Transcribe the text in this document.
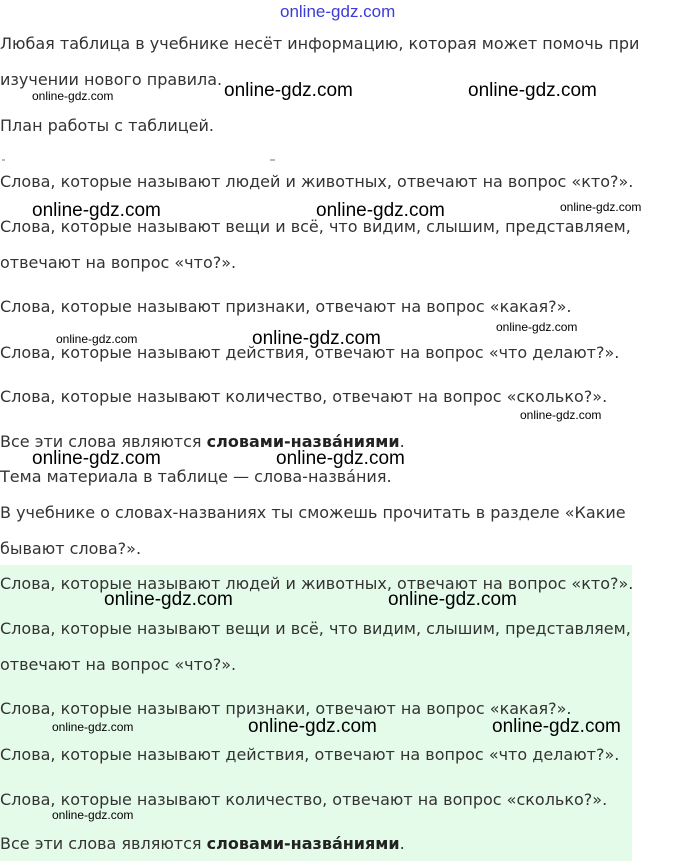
online-gdz.com
Любая таблица в учебнике несёт информацию, которая может помочь при
изучении нового правила.
План работы с таблицей.
Слова, которые называют людей и животных, отвечают на вопрос «кто?».
Слова, которые называют вещи и всё, что видим, слышим, представляем,
отвечают на вопрос «что?».
Слова, которые называют признаки, отвечают на вопрос «какая?».
Слова, которые называют действия, отвечают на вопрос «что делают?».
Слова, которые называют количество, отвечают на вопрос «сколько?».
Все эти слова являются словами-назва́ниями.
Тема материала в таблице — слова-назва́ния.
В учебнике о словах-названиях ты сможешь прочитать в разделе «Какие
бывают слова?».
Слова, которые называют людей и животных, отвечают на вопрос «кто?».
Слова, которые называют вещи и всё, что видим, слышим, представляем,
отвечают на вопрос «что?».
Слова, которые называют признаки, отвечают на вопрос «какая?».
Слова, которые называют действия, отвечают на вопрос «что делают?».
Слова, которые называют количество, отвечают на вопрос «сколько?».
Все эти слова являются словами-назва́ниями.
online-gdz.com	online-gdz.com
online-gdz.com	online-gdz.com
online-gdz.com
online-gdz.com	online-gdz.com
online-gdz.com	online-gdz.com
online-gdz.com	online-gdz.com
online-gdz.com
online-gdz.com
online-gdz.com
online-gdz.com
online-gdz.com
online-gdz.com
online-gdz.com
